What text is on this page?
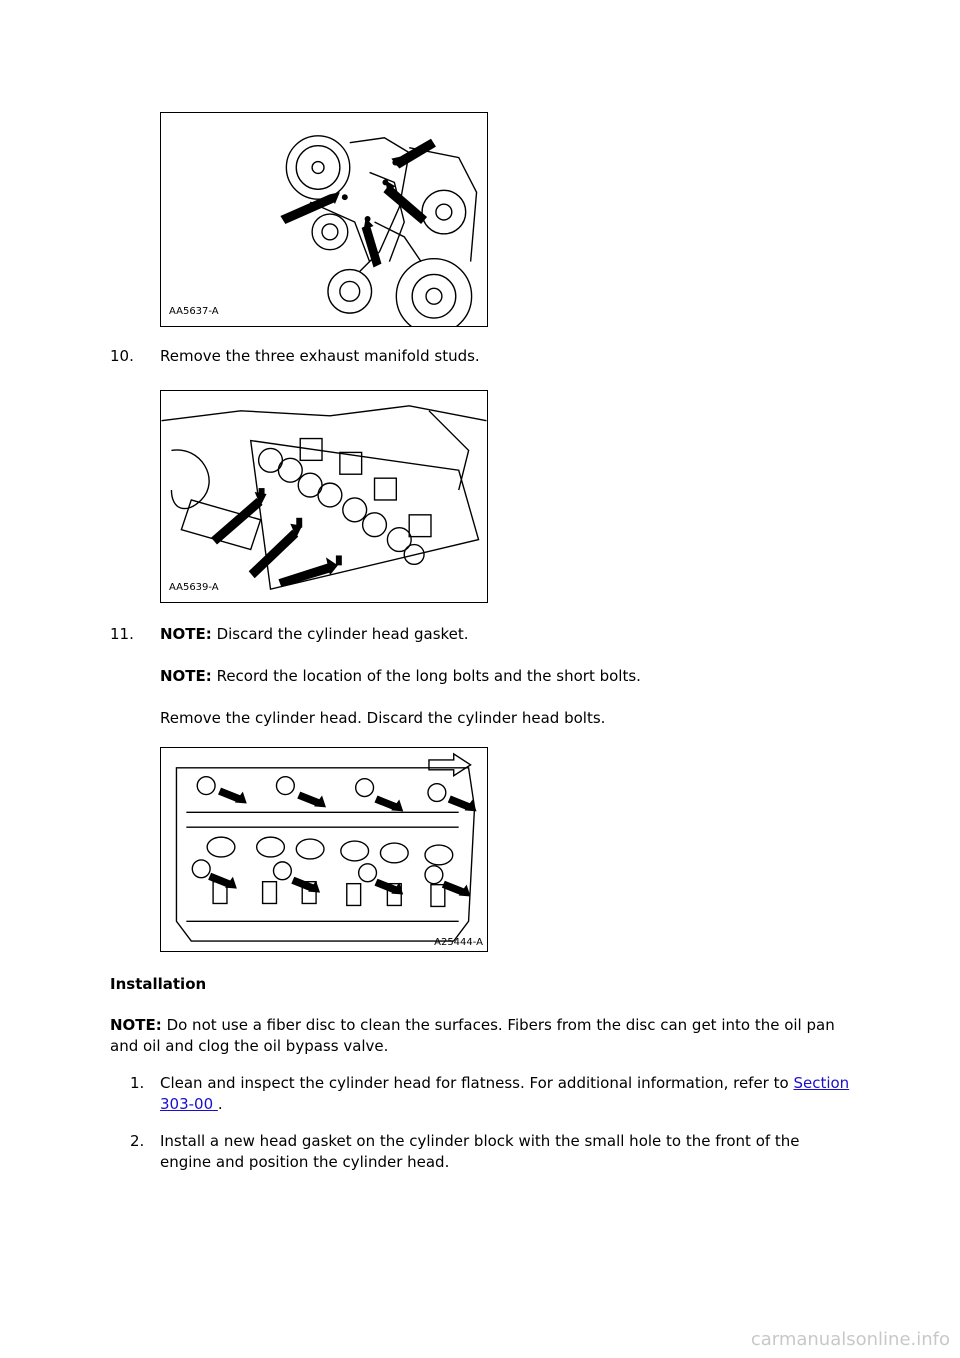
AA5637-A
10.	Remove the three exhaust manifold studs.
AA5639-A
11.	NOTE: Discard the cylinder head gasket.
NOTE: Record the location of the long bolts and the short bolts.
Remove the cylinder head. Discard the cylinder head bolts.
A25444-A
Installation
NOTE: Do not use a fiber disc to clean the surfaces. Fibers from the disc can get into the oil pan and oil and clog the oil bypass valve.
1.	Clean and inspect the cylinder head for flatness. For additional information, refer to Section 303-00 .
2.	Install a new head gasket on the cylinder block with the small hole to the front of the engine and position the cylinder head.
carmanualsonline.info
